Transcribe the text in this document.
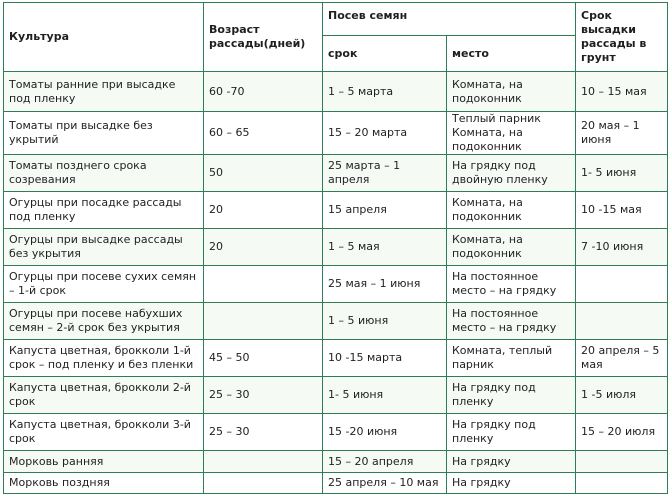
Культура	Возраст рассады(дней)	Посев семян		Срок высадки рассады в грунт
		срок	место	
Томаты ранние при высадке под пленку	60 -70	1 – 5 марта	Комната, на подоконник	10 – 15 мая
Томаты при высадке без укрытий	60 – 65	15 – 20 марта	Теплый парник Комната, на подоконник	20 мая – 1 июня
Томаты позднего срока созревания	50	25 марта – 1 апреля	На грядку под двойную пленку	1- 5 июня
Огурцы при посадке рассады под пленку	20	15 апреля	Комната, на подоконник	10 -15 мая
Огурцы при высадке рассады без укрытия	20	1 – 5 мая	Комната, на подоконник	7 -10 июня
Огурцы при посеве сухих семян – 1-й срок		25 мая – 1 июня	На постоянное место – на грядку	
Огурцы при посеве набухших семян – 2-й срок без укрытия		1 – 5 июня	На постоянное место – на грядку	
Капуста цветная, брокколи 1-й срок – под пленку и без пленки	45 – 50	10 -15 марта	Комната, теплый парник	20 апреля – 5 мая
Капуста цветная, брокколи 2-й срок	25 – 30	1- 5 июня	На грядку под пленку	1 -5 июля
Капуста цветная, брокколи 3-й срок	25 – 30	15 -20 июня	На грядку под пленку	15 – 20 июля
Морковь ранняя		15 – 20 апреля	На грядку	
Морковь поздняя		25 апреля – 10 мая	На грядку	
